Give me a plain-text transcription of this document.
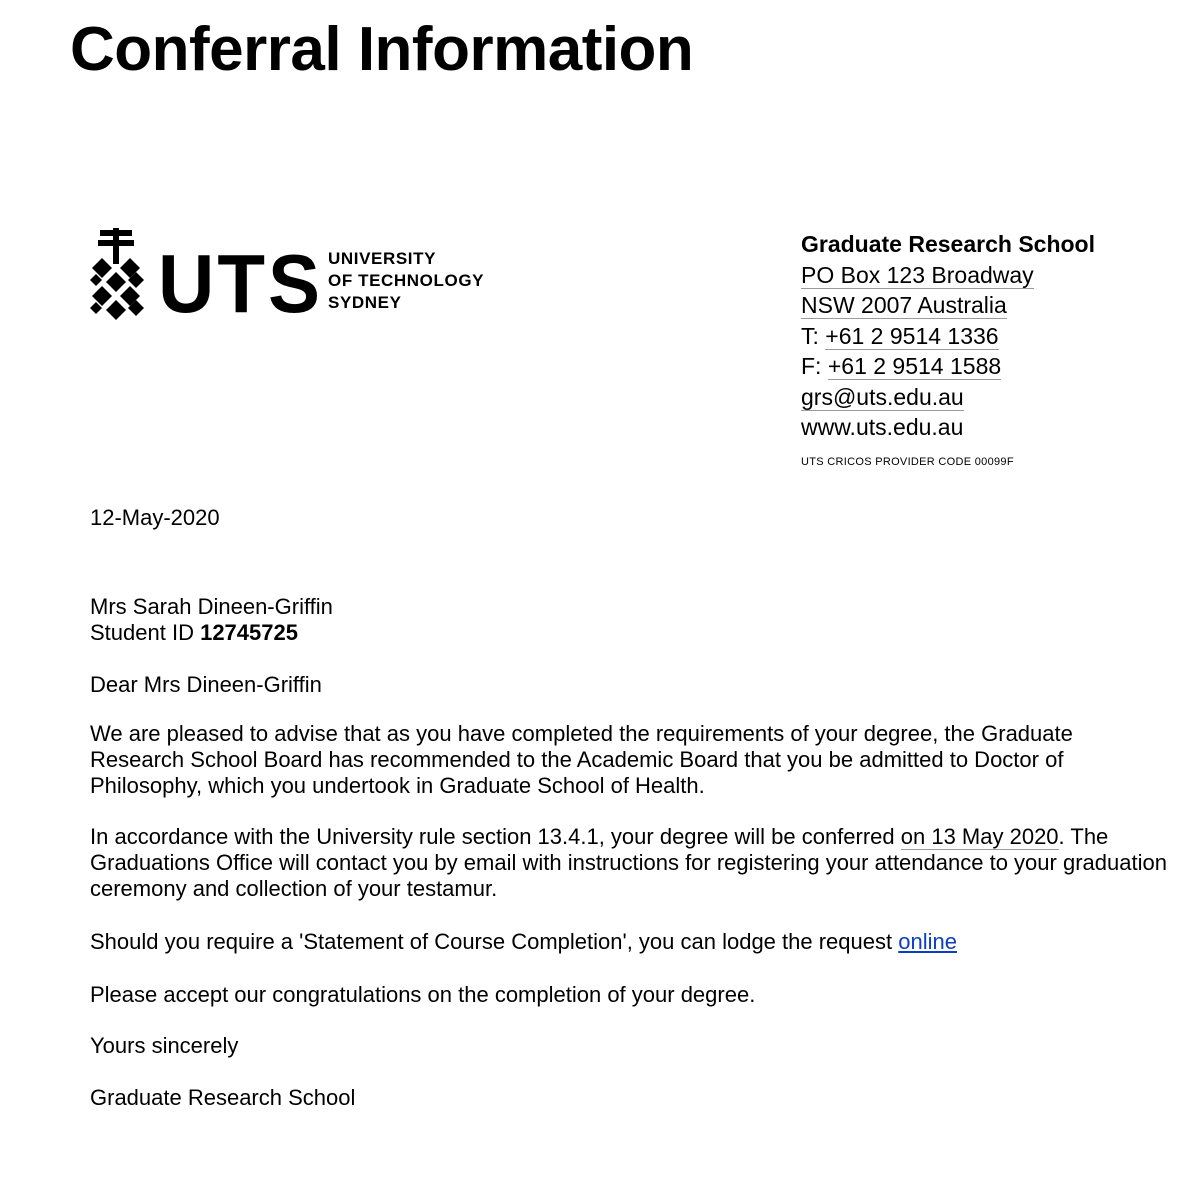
Conferral Information
UTS UNIVERSITY
OF TECHNOLOGY
SYDNEY
Graduate Research School
PO Box 123 Broadway
NSW 2007 Australia
T: +61 2 9514 1336
F: +61 2 9514 1588
grs@uts.edu.au
www.uts.edu.au
UTS CRICOS PROVIDER CODE 00099F
12-May-2020
Mrs Sarah Dineen-Griffin
Student ID 12745725
Dear Mrs Dineen-Griffin
We are pleased to advise that as you have completed the requirements of your degree, the Graduate Research School Board has recommended to the Academic Board that you be admitted to Doctor of Philosophy, which you undertook in Graduate School of Health.
In accordance with the University rule section 13.4.1, your degree will be conferred on 13 May 2020. The Graduations Office will contact you by email with instructions for registering your attendance to your graduation ceremony and collection of your testamur.
Should you require a 'Statement of Course Completion', you can lodge the request online
Please accept our congratulations on the completion of your degree.
Yours sincerely
Graduate Research School
